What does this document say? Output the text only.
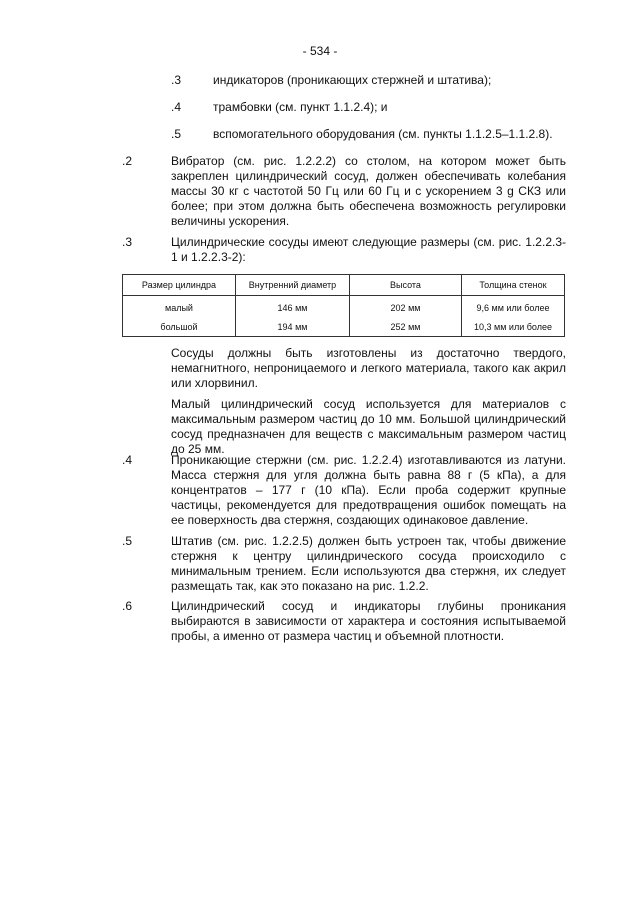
- 534 -
.3	индикаторов (проникающих стержней и штатива);
.4	трамбовки (см. пункт 1.1.2.4); и
.5	вспомогательного оборудования (см. пункты 1.1.2.5–1.1.2.8).
.2	Вибратор (см. рис. 1.2.2.2) со столом, на котором может быть закреплен цилиндрический сосуд, должен обеспечивать колебания массы 30 кг с частотой 50 Гц или 60 Гц и с ускорением 3 g СКЗ или более; при этом должна быть обеспечена возможность регулировки величины ускорения.
.3	Цилиндрические сосуды имеют следующие размеры (см. рис. 1.2.2.3-1 и 1.2.2.3-2):
Размер цилиндра	Внутренний диаметр	Высота	Толщина стенок
малый	146 мм	202 мм	9,6 мм или более
большой	194 мм	252 мм	10,3 мм или более
Сосуды должны быть изготовлены из достаточно твердого, немагнитного, непроницаемого и легкого материала, такого как акрил или хлорвинил.
Малый цилиндрический сосуд используется для материалов с максимальным размером частиц до 10 мм. Большой цилиндрический сосуд предназначен для веществ с максимальным размером частиц до 25 мм.
.4	Проникающие стержни (см. рис. 1.2.2.4) изготавливаются из латуни. Масса стержня для угля должна быть равна 88 г (5 кПа), а для концентратов – 177 г (10 кПа). Если проба содержит крупные частицы, рекомендуется для предотвращения ошибок помещать на ее поверхность два стержня, создающих одинаковое давление.
.5	Штатив (см. рис. 1.2.2.5) должен быть устроен так, чтобы движение стержня к центру цилиндрического сосуда происходило с минимальным трением. Если используются два стержня, их следует размещать так, как это показано на рис. 1.2.2.
.6	Цилиндрический сосуд и индикаторы глубины проникания выбираются в зависимости от характера и состояния испытываемой пробы, а именно от размера частиц и объемной плотности.
